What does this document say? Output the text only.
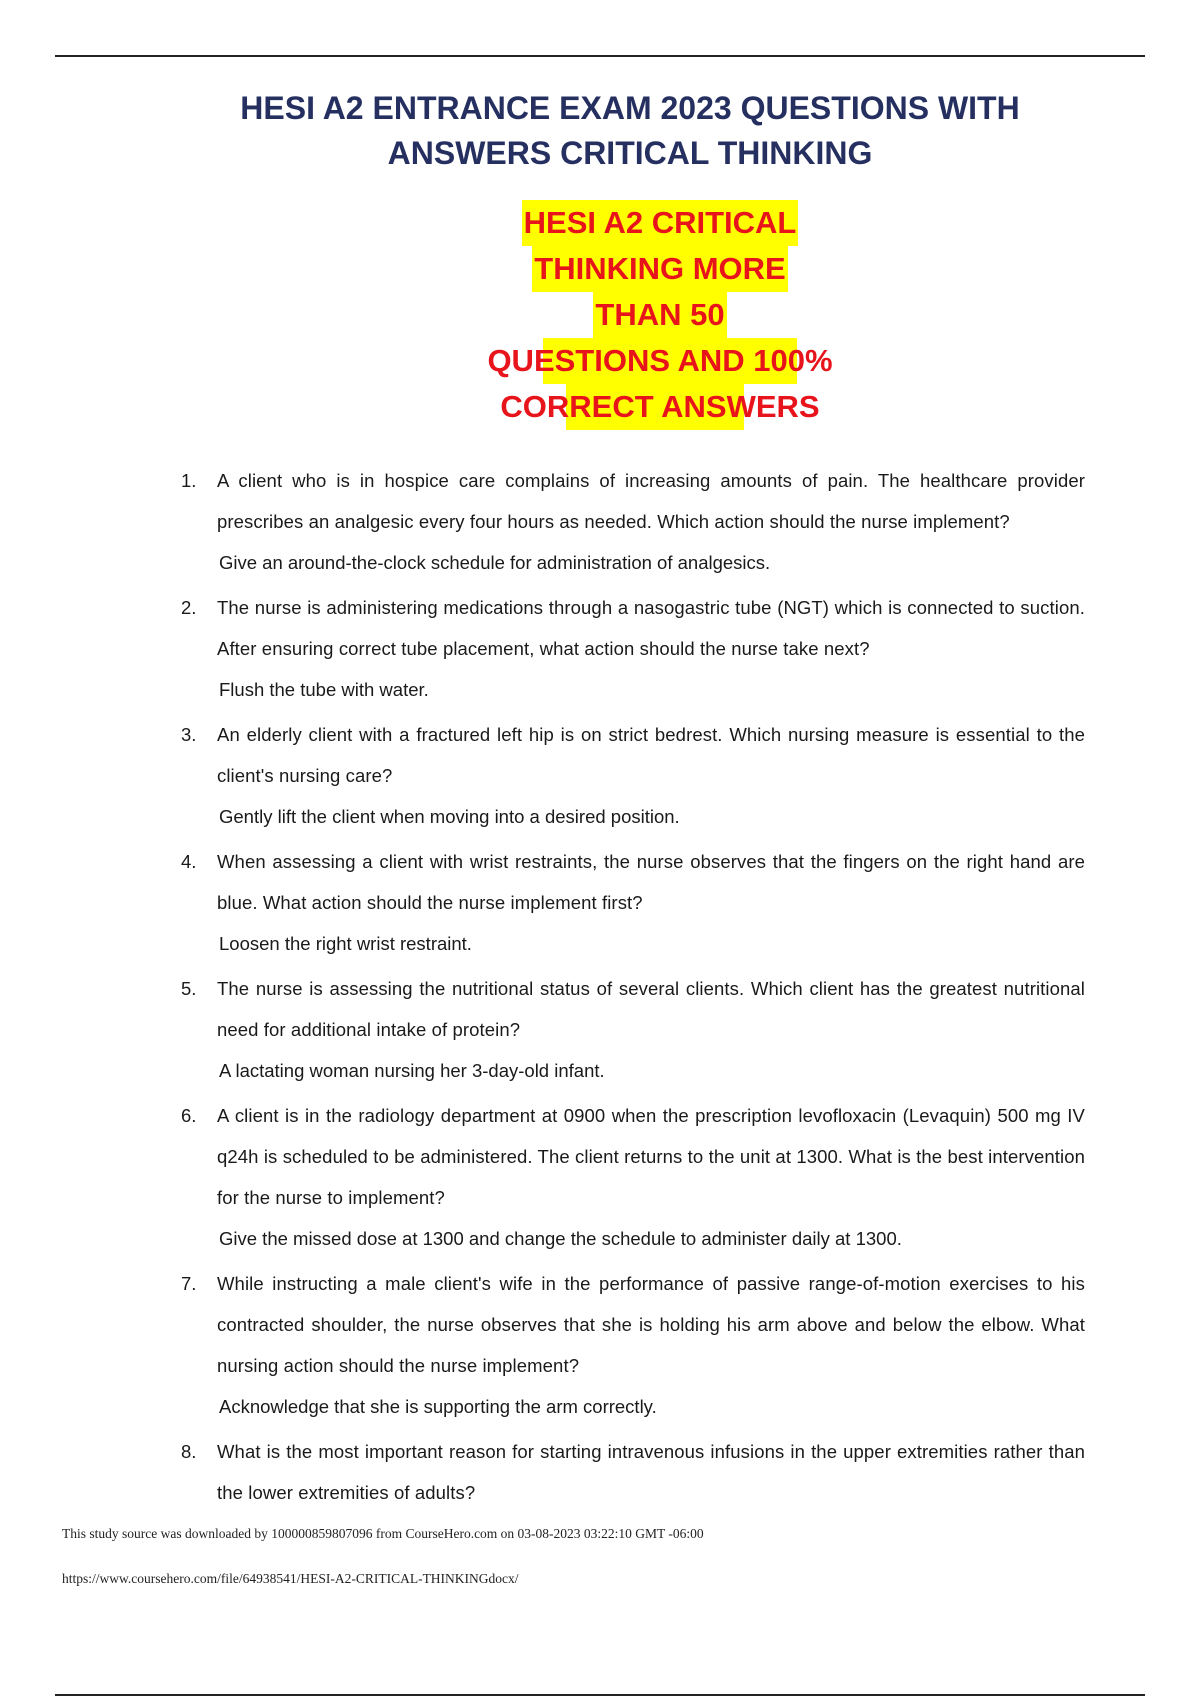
HESI A2 ENTRANCE EXAM 2023 QUESTIONS WITH
ANSWERS CRITICAL THINKING
HESI A2 CRITICAL
THINKING MORE
THAN 50
QUESTIONS AND 100%
CORRECT ANSWERS
1. A client who is in hospice care complains of increasing amounts of pain. The healthcare provider prescribes an analgesic every four hours as needed. Which action should the nurse implement?

Give an around-the-clock schedule for administration of analgesics.

2. The nurse is administering medications through a nasogastric tube (NGT) which is connected to suction. After ensuring correct tube placement, what action should the nurse take next?

Flush the tube with water.

3. An elderly client with a fractured left hip is on strict bedrest. Which nursing measure is essential to the client's nursing care?

Gently lift the client when moving into a desired position.

4. When assessing a client with wrist restraints, the nurse observes that the fingers on the right hand are blue. What action should the nurse implement first?

Loosen the right wrist restraint.

5. The nurse is assessing the nutritional status of several clients. Which client has the greatest nutritional need for additional intake of protein?

A lactating woman nursing her 3-day-old infant.

6. A client is in the radiology department at 0900 when the prescription levofloxacin (Levaquin) 500 mg IV q24h is scheduled to be administered. The client returns to the unit at 1300. What is the best intervention for the nurse to implement?

Give the missed dose at 1300 and change the schedule to administer daily at 1300.

7. While instructing a male client's wife in the performance of passive range-of-motion exercises to his contracted shoulder, the nurse observes that she is holding his arm above and below the elbow. What nursing action should the nurse implement?

Acknowledge that she is supporting the arm correctly.

8. What is the most important reason for starting intravenous infusions in the upper extremities rather than the lower extremities of adults?

This study source was downloaded by 100000859807096 from CourseHero.com on 03-08-2023 03:22:10 GMT -06:00
https://www.coursehero.com/file/64938541/HESI-A2-CRITICAL-THINKINGdocx/
